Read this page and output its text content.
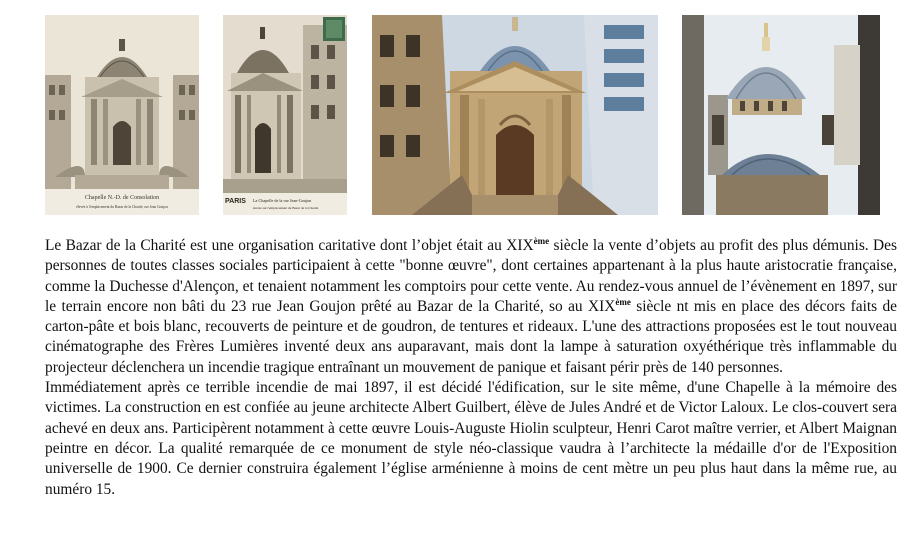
Chapelle N.-D. de Consolation
élevée à l'emplacement du Bazar de la Charité, rue Jean Goujon
PARIS La Chapelle de la rue Jean-Goujon
élevée sur l'emplacement du Bazar de la Charité

Le Bazar de la Charité est une organisation caritative dont l’objet était au XIXème siècle la vente d’objets au profit des plus démunis. Des personnes de toutes classes sociales participaient à cette "bonne œuvre", dont certaines appartenant à la plus haute aristocratie française, comme la Duchesse d'Alençon, et tenaient notamment les comptoirs pour cette vente. Au rendez-vous annuel de l’évènement en 1897, sur le terrain encore non bâti du 23 rue Jean Goujon prêté au Bazar de la Charité, so au XIXème siècle nt mis en place des décors faits de carton-pâte et bois blanc, recouverts de peinture et de goudron, de tentures et rideaux. L'une des attractions proposées est le tout nouveau cinématographe des Frères Lumières inventé deux ans auparavant, mais dont la lampe à saturation oxyéthérique très inflammable du projecteur déclenchera un incendie tragique entraînant un mouvement de panique et faisant périr près de 140 personnes.

Immédiatement après ce terrible incendie de mai 1897, il est décidé l'édification, sur le site même, d'une Chapelle à la mémoire des victimes. La construction en est confiée au jeune architecte Albert Guilbert, élève de Jules André et de Victor Laloux. Le clos-couvert sera achevé en deux ans. Participèrent notamment à cette œuvre Louis-Auguste Hiolin sculpteur, Henri Carot maître verrier, et Albert Maignan peintre en décor. La qualité remarquée de ce monument de style néo-classique vaudra à l’architecte la médaille d'or de l'Exposition universelle de 1900. Ce dernier construira également l’église arménienne à moins de cent mètre un peu plus haut dans la même rue, au numéro 15.
